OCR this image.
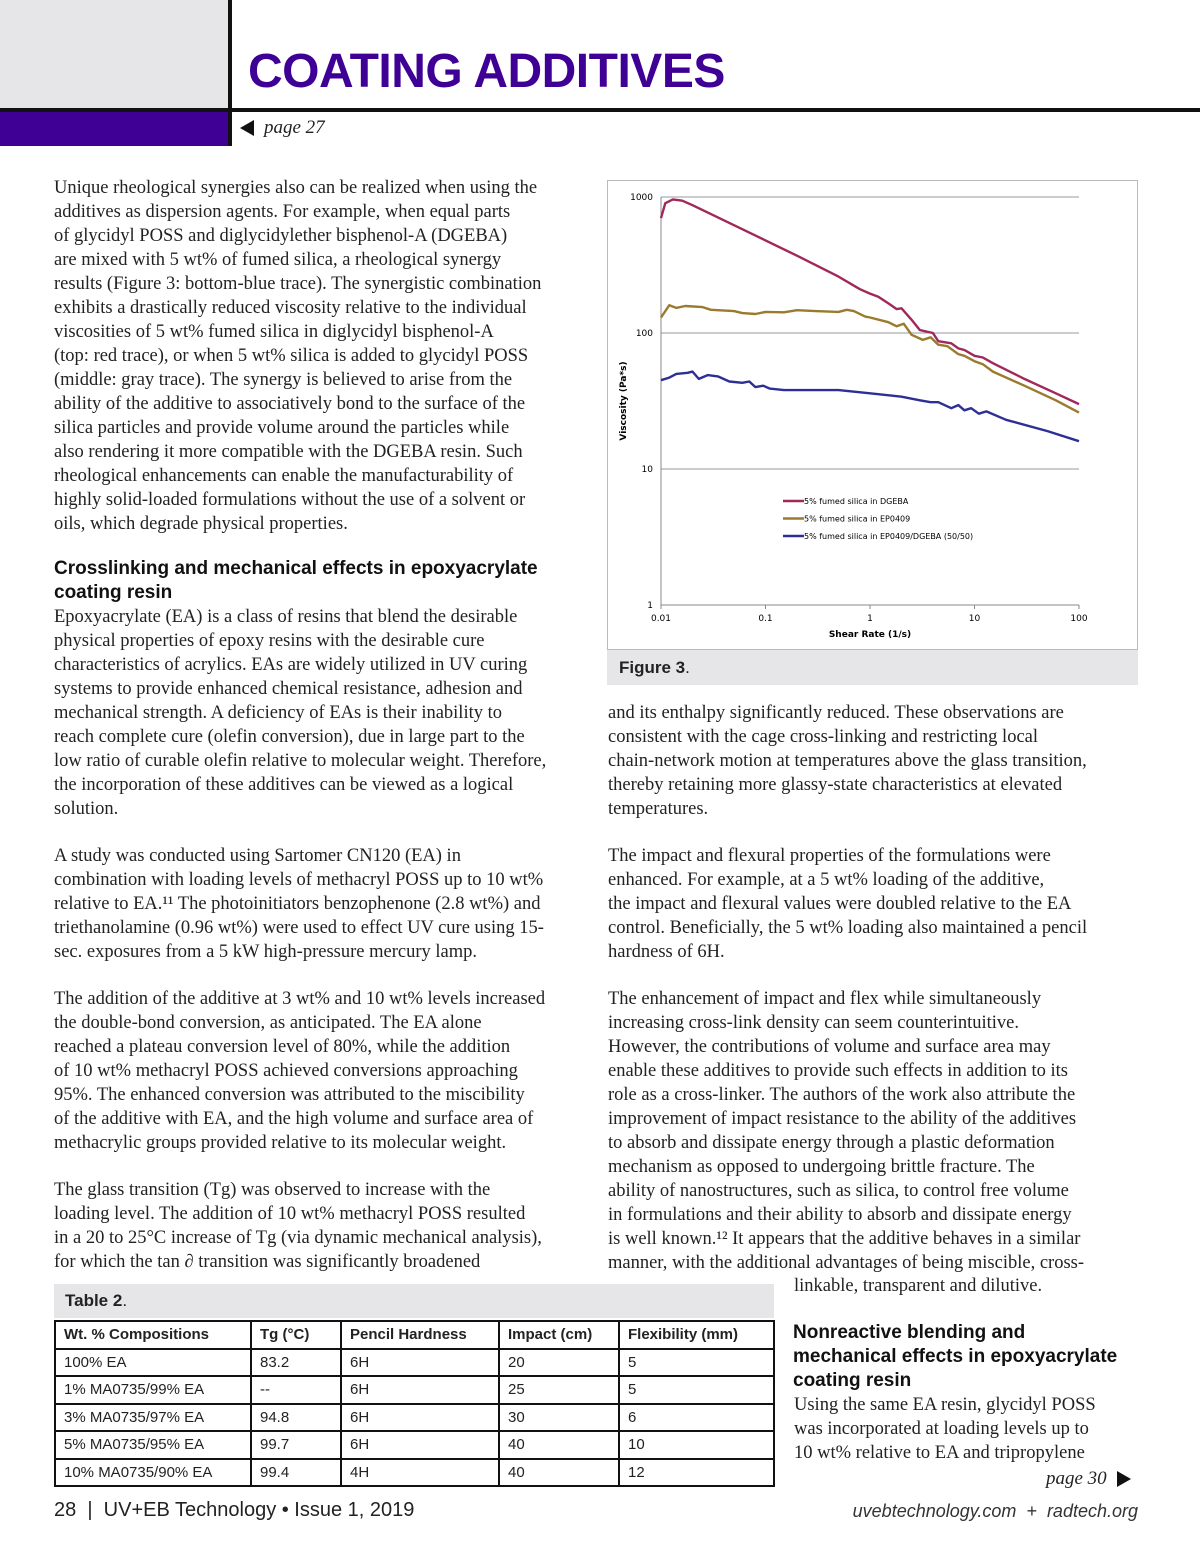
COATING ADDITIVES
page 27
Unique rheological synergies also can be realized when using the
additives as dispersion agents. For example, when equal parts
of glycidyl POSS and diglycidylether bisphenol-A (DGEBA)
are mixed with 5 wt% of fumed silica, a rheological synergy
results (Figure 3: bottom-blue trace). The synergistic combination
exhibits a drastically reduced viscosity relative to the individual
viscosities of 5 wt% fumed silica in diglycidyl bisphenol-A
(top: red trace), or when 5 wt% silica is added to glycidyl POSS
(middle: gray trace). The synergy is believed to arise from the
ability of the additive to associatively bond to the surface of the
silica particles and provide volume around the particles while
also rendering it more compatible with the DGEBA resin. Such
rheological enhancements can enable the manufacturability of
highly solid-loaded formulations without the use of a solvent or
oils, which degrade physical properties.
Crosslinking and mechanical effects in epoxyacrylate
coating resin
Epoxyacrylate (EA) is a class of resins that blend the desirable
physical properties of epoxy resins with the desirable cure
characteristics of acrylics. EAs are widely utilized in UV curing
systems to provide enhanced chemical resistance, adhesion and
mechanical strength. A deficiency of EAs is their inability to
reach complete cure (olefin conversion), due in large part to the
low ratio of curable olefin relative to molecular weight. Therefore,
the incorporation of these additives can be viewed as a logical
solution.
A study was conducted using Sartomer CN120 (EA) in
combination with loading levels of methacryl POSS up to 10 wt%
relative to EA.¹¹ The photoinitiators benzophenone (2.8 wt%) and
triethanolamine (0.96 wt%) were used to effect UV cure using 15-
sec. exposures from a 5 kW high-pressure mercury lamp.
The addition of the additive at 3 wt% and 10 wt% levels increased
the double-bond conversion, as anticipated. The EA alone
reached a plateau conversion level of 80%, while the addition
of 10 wt% methacryl POSS achieved conversions approaching
95%. The enhanced conversion was attributed to the miscibility
of the additive with EA, and the high volume and surface area of
methacrylic groups provided relative to its molecular weight.
The glass transition (Tg) was observed to increase with the
loading level. The addition of 10 wt% methacryl POSS resulted
in a 20 to 25°C increase of Tg (via dynamic mechanical analysis),
for which the tan ∂ transition was significantly broadened
1
10
100
1000
0.01	0.1	1	10	100
Shear Rate (1/s)
Viscosity (Pa*s)
5% fumed silica in DGEBA
5% fumed silica in EP0409
5% fumed silica in EP0409/DGEBA (50/50)
Figure 3.
and its enthalpy significantly reduced. These observations are
consistent with the cage cross-linking and restricting local
chain-network motion at temperatures above the glass transition,
thereby retaining more glassy-state characteristics at elevated
temperatures.
The impact and flexural properties of the formulations were
enhanced. For example, at a 5 wt% loading of the additive,
the impact and flexural values were doubled relative to the EA
control. Beneficially, the 5 wt% loading also maintained a pencil
hardness of 6H.
The enhancement of impact and flex while simultaneously
increasing cross-link density can seem counterintuitive.
However, the contributions of volume and surface area may
enable these additives to provide such effects in addition to its
role as a cross-linker. The authors of the work also attribute the
improvement of impact resistance to the ability of the additives
to absorb and dissipate energy through a plastic deformation
mechanism as opposed to undergoing brittle fracture. The
ability of nanostructures, such as silica, to control free volume
in formulations and their ability to absorb and dissipate energy
is well known.¹² It appears that the additive behaves in a similar
manner, with the additional advantages of being miscible, cross-
linkable, transparent and dilutive.
Nonreactive blending and
mechanical effects in epoxyacrylate
coating resin
Using the same EA resin, glycidyl POSS
was incorporated at loading levels up to
10 wt% relative to EA and tripropylene
page 30
Table 2.
Wt. % Compositions	Tg (°C)	Pencil Hardness	Impact (cm)	Flexibility (mm)
100% EA	83.2	6H	20	5
1% MA0735/99% EA	--	6H	25	5
3% MA0735/97% EA	94.8	6H	30	6
5% MA0735/95% EA	99.7	6H	40	10
10% MA0735/90% EA	99.4	4H	40	12
28  |  UV+EB Technology • Issue 1, 2019	uvebtechnology.com  +  radtech.org
